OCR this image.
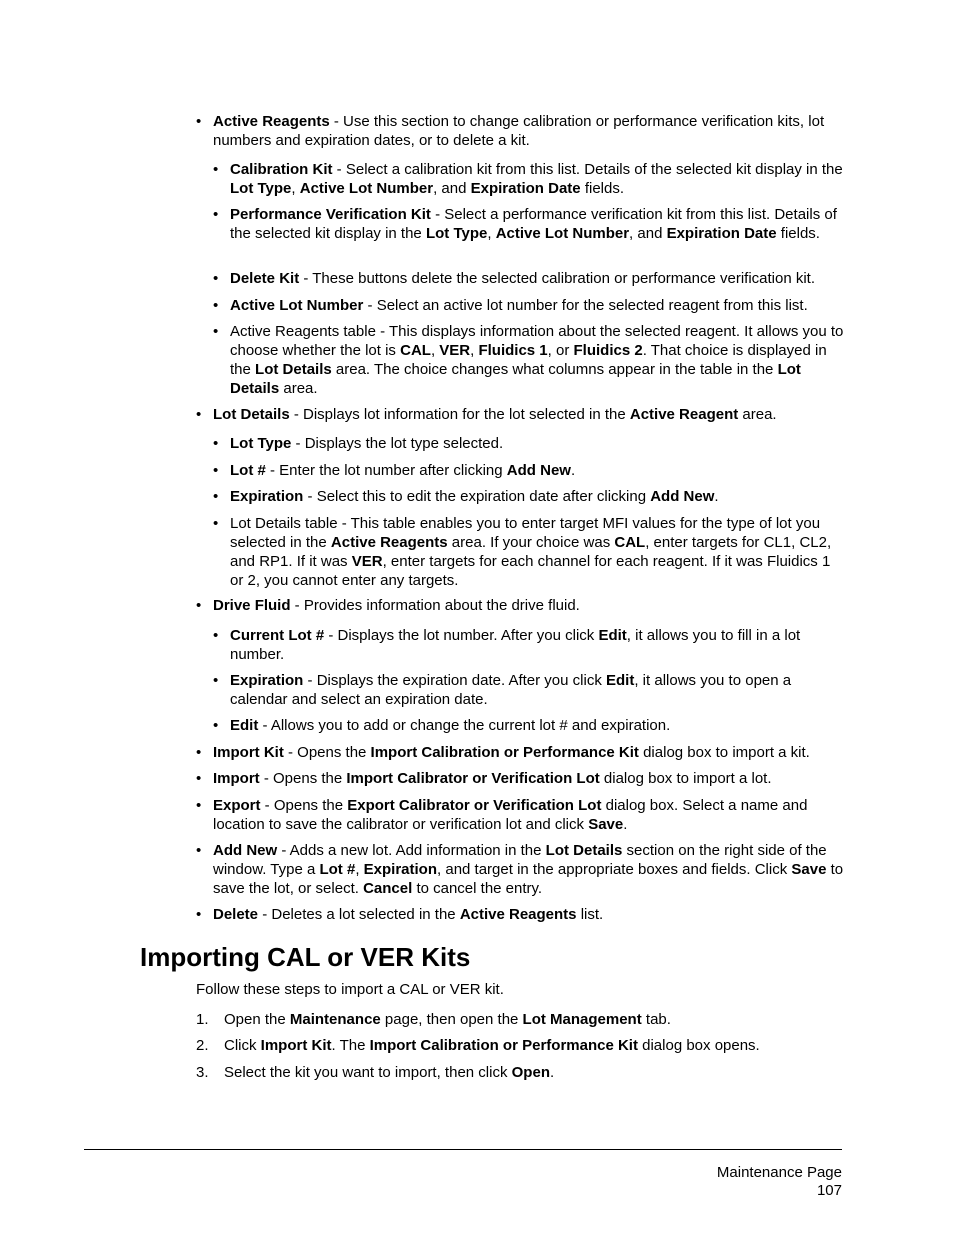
• Active Reagents - Use this section to change calibration or performance verification kits, lot numbers and expiration dates, or to delete a kit.
• Calibration Kit - Select a calibration kit from this list. Details of the selected kit display in the Lot Type, Active Lot Number, and Expiration Date fields.
• Performance Verification Kit - Select a performance verification kit from this list. Details of the selected kit display in the Lot Type, Active Lot Number, and Expiration Date fields.
• Delete Kit - These buttons delete the selected calibration or performance verification kit.
• Active Lot Number - Select an active lot number for the selected reagent from this list.
• Active Reagents table - This displays information about the selected reagent. It allows you to choose whether the lot is CAL, VER, Fluidics 1, or Fluidics 2. That choice is displayed in the Lot Details area. The choice changes what columns appear in the table in the Lot Details area.
• Lot Details - Displays lot information for the lot selected in the Active Reagent area.
• Lot Type - Displays the lot type selected.
• Lot # - Enter the lot number after clicking Add New.
• Expiration - Select this to edit the expiration date after clicking Add New.
• Lot Details table - This table enables you to enter target MFI values for the type of lot you selected in the Active Reagents area. If your choice was CAL, enter targets for CL1, CL2, and RP1. If it was VER, enter targets for each channel for each reagent. If it was Fluidics 1 or 2, you cannot enter any targets.
• Drive Fluid - Provides information about the drive fluid.
• Current Lot # - Displays the lot number. After you click Edit, it allows you to fill in a lot number.
• Expiration - Displays the expiration date. After you click Edit, it allows you to open a calendar and select an expiration date.
• Edit - Allows you to add or change the current lot # and expiration.
• Import Kit - Opens the Import Calibration or Performance Kit dialog box to import a kit.
• Import - Opens the Import Calibrator or Verification Lot dialog box to import a lot.
• Export - Opens the Export Calibrator or Verification Lot dialog box. Select a name and location to save the calibrator or verification lot and click Save.
• Add New - Adds a new lot. Add information in the Lot Details section on the right side of the window. Type a Lot #, Expiration, and target in the appropriate boxes and fields. Click Save to save the lot, or select. Cancel to cancel the entry.
• Delete - Deletes a lot selected in the Active Reagents list.
Importing CAL or VER Kits
Follow these steps to import a CAL or VER kit.
1. Open the Maintenance page, then open the Lot Management tab.
2. Click Import Kit. The Import Calibration or Performance Kit dialog box opens.
3. Select the kit you want to import, then click Open.
Maintenance Page
107
